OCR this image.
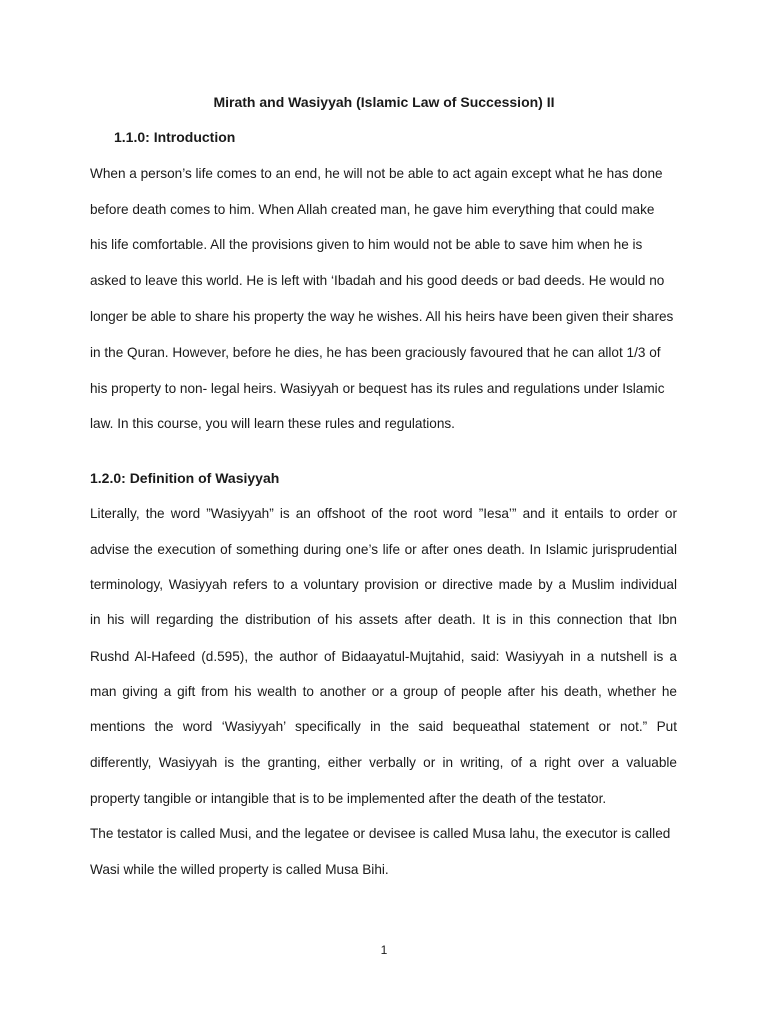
Mirath and Wasiyyah (Islamic Law of Succession) II
1.1.0: Introduction
When a person’s life comes to an end, he will not be able to act again except what he has done
before death comes to him. When Allah created man, he gave him everything that could make
his life comfortable. All the provisions given to him would not be able to save him when he is
asked to leave this world. He is left with ‘Ibadah and his good deeds or bad deeds. He would no
longer be able to share his property the way he wishes. All his heirs have been given their shares
in the Quran. However, before he dies, he has been graciously favoured that he can allot 1/3 of
his property to non- legal heirs. Wasiyyah or bequest has its rules and regulations under Islamic
law. In this course, you will learn these rules and regulations.
1.2.0: Definition of Wasiyyah
Literally, the word ”Wasiyyah” is an offshoot of the root word ”Iesa’” and it entails to order or
advise the execution of something during one’s life or after ones death. In Islamic jurisprudential
terminology, Wasiyyah refers to a voluntary provision or directive made by a Muslim individual
in his will regarding the distribution of his assets after death. It is in this connection that Ibn
Rushd Al-Hafeed (d.595), the author of Bidaayatul-Mujtahid, said: Wasiyyah in a nutshell is a
man giving a gift from his wealth to another or a group of people after his death, whether he
mentions the word ‘Wasiyyah’ specifically in the said bequeathal statement or not.” Put
differently, Wasiyyah is the granting, either verbally or in writing, of a right over a valuable
property tangible or intangible that is to be implemented after the death of the testator.
The testator is called Musi, and the legatee or devisee is called Musa lahu, the executor is called
Wasi while the willed property is called Musa Bihi.
1
